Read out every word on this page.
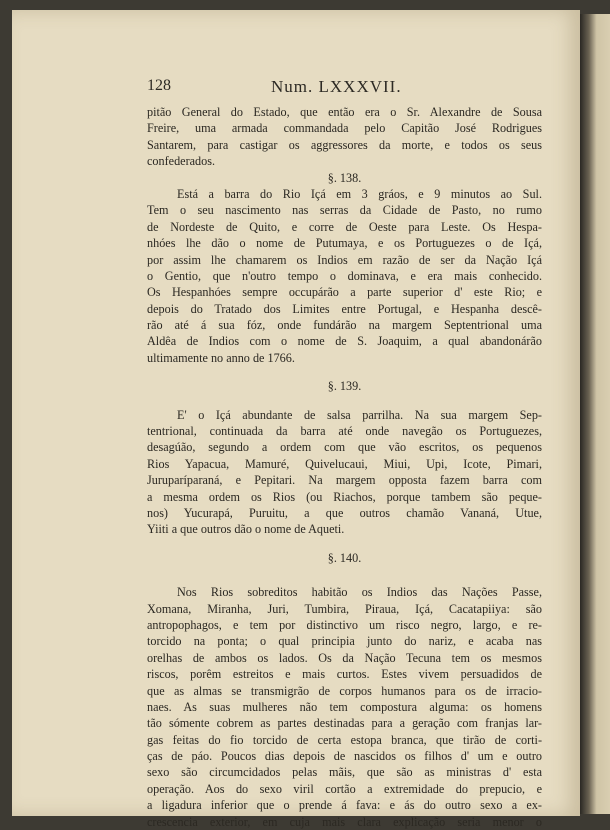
128	Num. LXXXVII.
pitão General do Estado, que então era o Sr. Alexandre de Sousa
Freire, uma armada commandada pelo Capitão José Rodrigues
Santarem, para castigar os aggressores da morte, e todos os seus
confederados.
§. 138.
Está a barra do Rio Içá em 3 gráos, e 9 minutos ao Sul.
Tem o seu nascimento nas serras da Cidade de Pasto, no rumo
de Nordeste de Quito, e corre de Oeste para Leste. Os Hespa-
nhóes lhe dão o nome de Putumaya, e os Portuguezes o de Içá,
por assim lhe chamarem os Indios em razão de ser da Nação Içá
o Gentio, que n'outro tempo o dominava, e era mais conhecido.
Os Hespanhóes sempre occupárão a parte superior d' este Rio; e
depois do Tratado dos Limites entre Portugal, e Hespanha descê-
rão até á sua fóz, onde fundárão na margem Septentrional uma
Aldêa de Indios com o nome de S. Joaquim, a qual abandonárão
ultimamente no anno de 1766.
§. 139.
E' o Içá abundante de salsa parrilha. Na sua margem Sep-
tentrional, continuada da barra até onde navegão os Portuguezes,
desagúão, segundo a ordem com que vão escritos, os pequenos
Rios Yapacua, Mamuré, Quivelucaui, Miui, Upi, Icote, Pimari,
Juruparíparaná, e Pepitari. Na margem opposta fazem barra com
a mesma ordem os Rios (ou Riachos, porque tambem são peque-
nos) Yucurapá, Puruitu, a que outros chamão Vananá, Utue,
Yiiti a que outros dão o nome de Aqueti.
§. 140.
Nos Rios sobreditos habitão os Indios das Nações Passe,
Xomana, Miranha, Juri, Tumbira, Piraua, Içá, Cacatapiiya: são
antropophagos, e tem por distinctivo um risco negro, largo, e re-
torcido na ponta; o qual principia junto do nariz, e acaba nas
orelhas de ambos os lados. Os da Nação Tecuna tem os mesmos
riscos, porêm estreitos e mais curtos. Estes vivem persuadidos de
que as almas se transmigrão de corpos humanos para os de irracio-
naes. As suas mulheres não tem compostura alguma: os homens
tão sómente cobrem as partes destinadas para a geração com franjas lar-
gas feitas do fio torcido de certa estopa branca, que tirão de corti-
ças de páo. Poucos dias depois de nascidos os filhos d' um e outro
sexo são circumcidados pelas mãis, que são as ministras d' esta
operação. Aos do sexo viril cortão a extremidade do prepucio, e
a ligadura inferior que o prende á fava: e ás do outro sexo a ex-
crescencia exterior, em cuja mais clara explicação seria menor o
